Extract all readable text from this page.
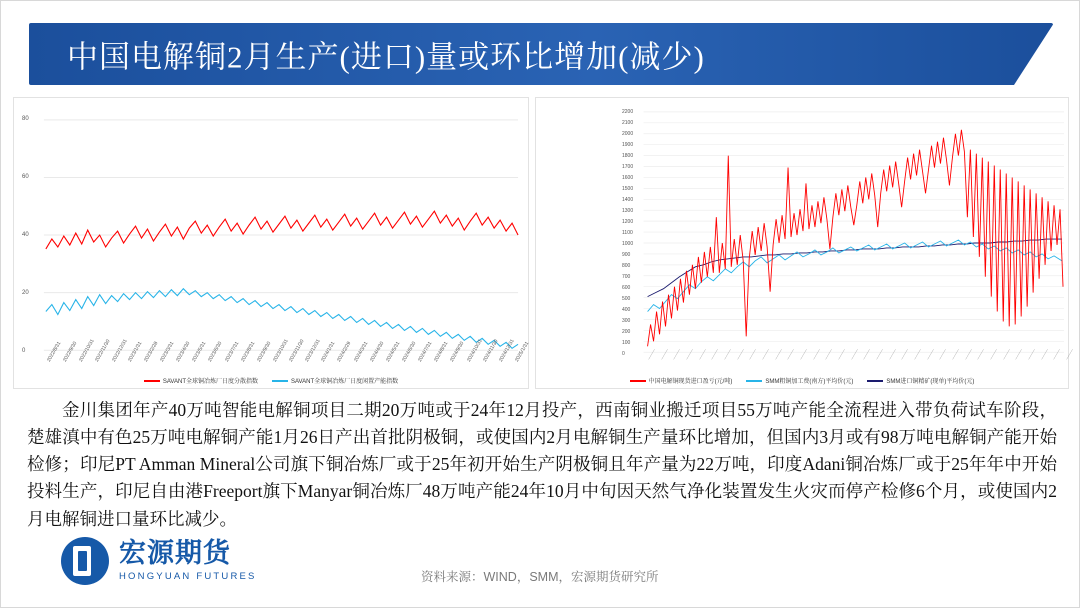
中国电解铜2月生产(进口)量或环比增加(减少)
80
60
40
20
0	2022/8/31 2022/9/30 2022/10/31
2022/11/30
2022/12/31
2023/1/31 2023/2/28 2023/3/31 2023/4/30 2023/5/31 2023/6/30 2023/7/31 2023/8/31 2023/9/30 2023/10/31
2023/11/30
2023/12/31
2024/1/31 2024/2/29 2024/3/31 2024/4/30 2024/5/31 2024/6/30 2024/7/31 2024/8/31 2024/9/30 2024/10/31
2024/11/30
2024/12/31
2025/1/31
SAVANT全球铜冶炼厂日度分散指数	SAVANT全球铜冶炼厂日度闲置产能指数
0
100
200
300
400
500
600
700
800
900
1000
1100
1200
1300
1400
1500
1600
1700
1800
1900
2000
2100
2200
——— ——— ——— ——— ——— ——— ——— ——— ——— ——— ——— ——— ——— ——— ——— ——— ——— ——— ——— ——— ——— ——— ——— ——— ——— ——— ——— ——— ——— ——— ——— ——— ——— ———
中国电解铜现货进口盈亏(元/吨)	SMM粗铜加工费(南方)平均价(元)	SMM进口铜精矿(现单)平均价(元)
金川集团年产40万吨智能电解铜项目二期20万吨或于24年12月投产，西南铜业搬迁项目55万吨产能全流程进入带负荷试车阶段，楚雄滇中有色25万吨电解铜产能1月26日产出首批阴极铜，或使国内2月电解铜生产量环比增加，但国内3月或有98万吨电解铜产能开始检修；印尼PT Amman Mineral公司旗下铜冶炼厂或于25年初开始生产阴极铜且年产量为22万吨，印度Adani铜冶炼厂或于25年年中开始投料生产，印尼自由港Freeport旗下Manyar铜冶炼厂48万吨产能24年10月中旬因天然气净化装置发生火灾而停产检修6个月，或使国内2月电解铜进口量环比减少。
宏源期货
HONGYUAN FUTURES	资料来源：WIND，SMM，宏源期货研究所
